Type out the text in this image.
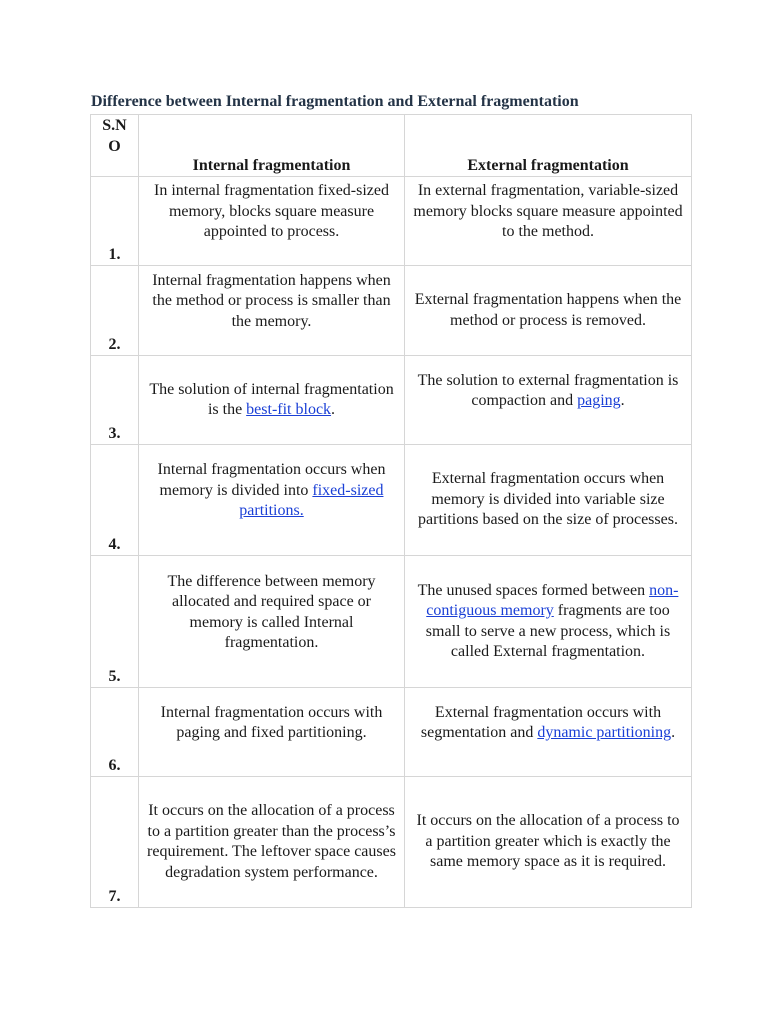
Difference between Internal fragmentation and External fragmentation
S.N O	Internal fragmentation	External fragmentation
1.	In internal fragmentation fixed-sized memory, blocks square measure appointed to process.	In external fragmentation, variable-sized memory blocks square measure appointed to the method.
2.	Internal fragmentation happens when the method or process is smaller than the memory.	External fragmentation happens when the method or process is removed.
3.	The solution of internal fragmentation is the best-fit block.	The solution to external fragmentation is compaction and paging.
4.	Internal fragmentation occurs when memory is divided into fixed-sized partitions.	External fragmentation occurs when memory is divided into variable size partitions based on the size of processes.
5.	The difference between memory allocated and required space or memory is called Internal fragmentation.	The unused spaces formed between non-contiguous memory fragments are too small to serve a new process, which is called External fragmentation.
6.	Internal fragmentation occurs with paging and fixed partitioning.	External fragmentation occurs with segmentation and dynamic partitioning.
7.	It occurs on the allocation of a process to a partition greater than the process’s requirement. The leftover space causes degradation system performance.	It occurs on the allocation of a process to a partition greater which is exactly the same memory space as it is required.
